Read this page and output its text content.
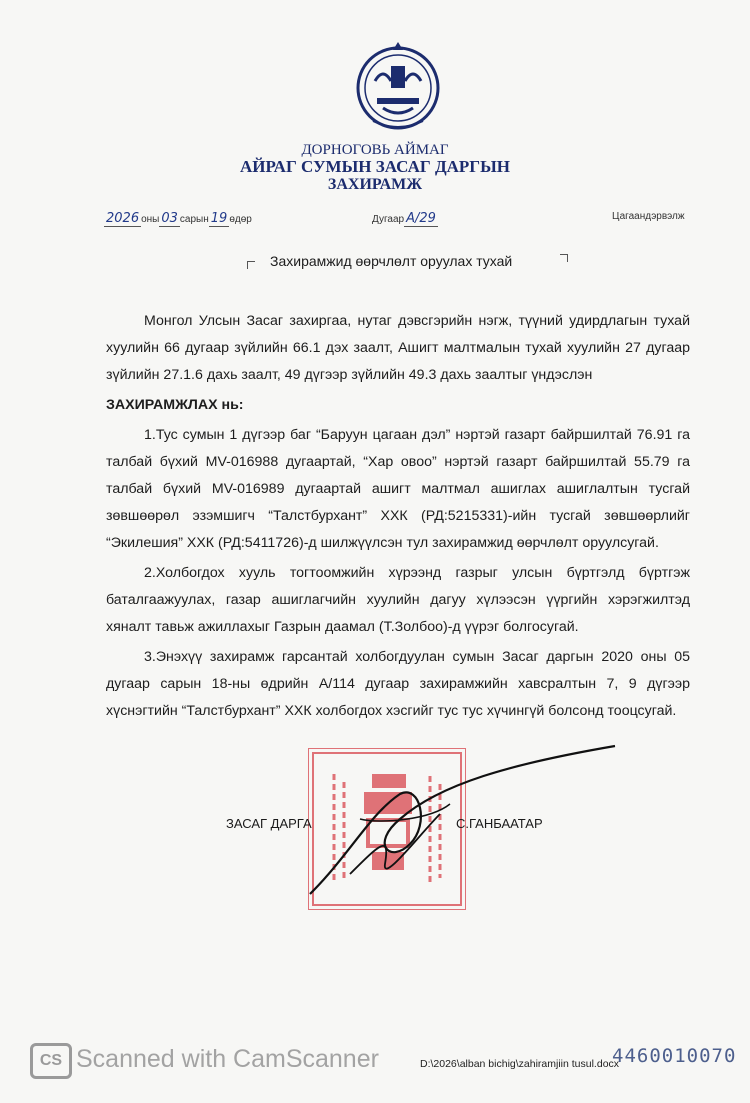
ДОРНОГОВЬ АЙМАГ
АЙРАГ СУМЫН ЗАСАГ ДАРГЫН
ЗАХИРАМЖ
2026 оны 03 сарын 19 өдөр	Дугаар А/29	Цагаандэрвэлж
Захирамжид өөрчлөлт оруулах тухай

Монгол Улсын Засаг захиргаа, нутаг дэвсгэрийн нэгж, түүний удирдлагын тухай хуулийн 66 дугаар зүйлийн 66.1 дэх заалт, Ашигт малтмалын тухай хуулийн 27 дугаар зүйлийн 27.1.6 дахь заалт, 49 дүгээр зүйлийн 49.3 дахь заалтыг үндэслэн

ЗАХИРАМЖЛАХ нь:

1.Тус сумын 1 дүгээр баг “Баруун цагаан дэл” нэртэй газарт байршилтай 76.91 га талбай бүхий MV-016988 дугаартай, “Хар овоо” нэртэй газарт байршилтай 55.79 га талбай бүхий MV-016989 дугаартай ашигт малтмал ашиглах ашиглалтын тусгай зөвшөөрөл эзэмшигч “Талстбурхант” ХХК (РД:5215331)-ийн тусгай зөвшөөрлийг “Экилешия” ХХК (РД:5411726)-д шилжүүлсэн тул захирамжид өөрчлөлт оруулсугай.

2.Холбогдох хууль тогтоомжийн хүрээнд газрыг улсын бүртгэлд бүртгэж баталгаажуулах, газар ашиглагчийн хуулийн дагуу хүлээсэн үүргийн хэрэгжилтэд хяналт тавьж ажиллахыг Газрын даамал (Т.Золбоо)-д үүрэг болгосугай.

3.Энэхүү захирамж гарсантай холбогдуулан сумын Засаг даргын 2020 оны 05 дугаар сарын 18-ны өдрийн А/114 дугаар захирамжийн хавсралтын 7, 9 дүгээр хүснэгтийн “Талстбурхант” ХХК холбогдох хэсгийг тус тус хүчингүй болсонд тооцсугай.

ЗАСАГ ДАРГА	С.ГАНБААТАР
CS Scanned with CamScanner	D:\2026\alban bichig\zahiramjiin tusul.docx
4460010070
